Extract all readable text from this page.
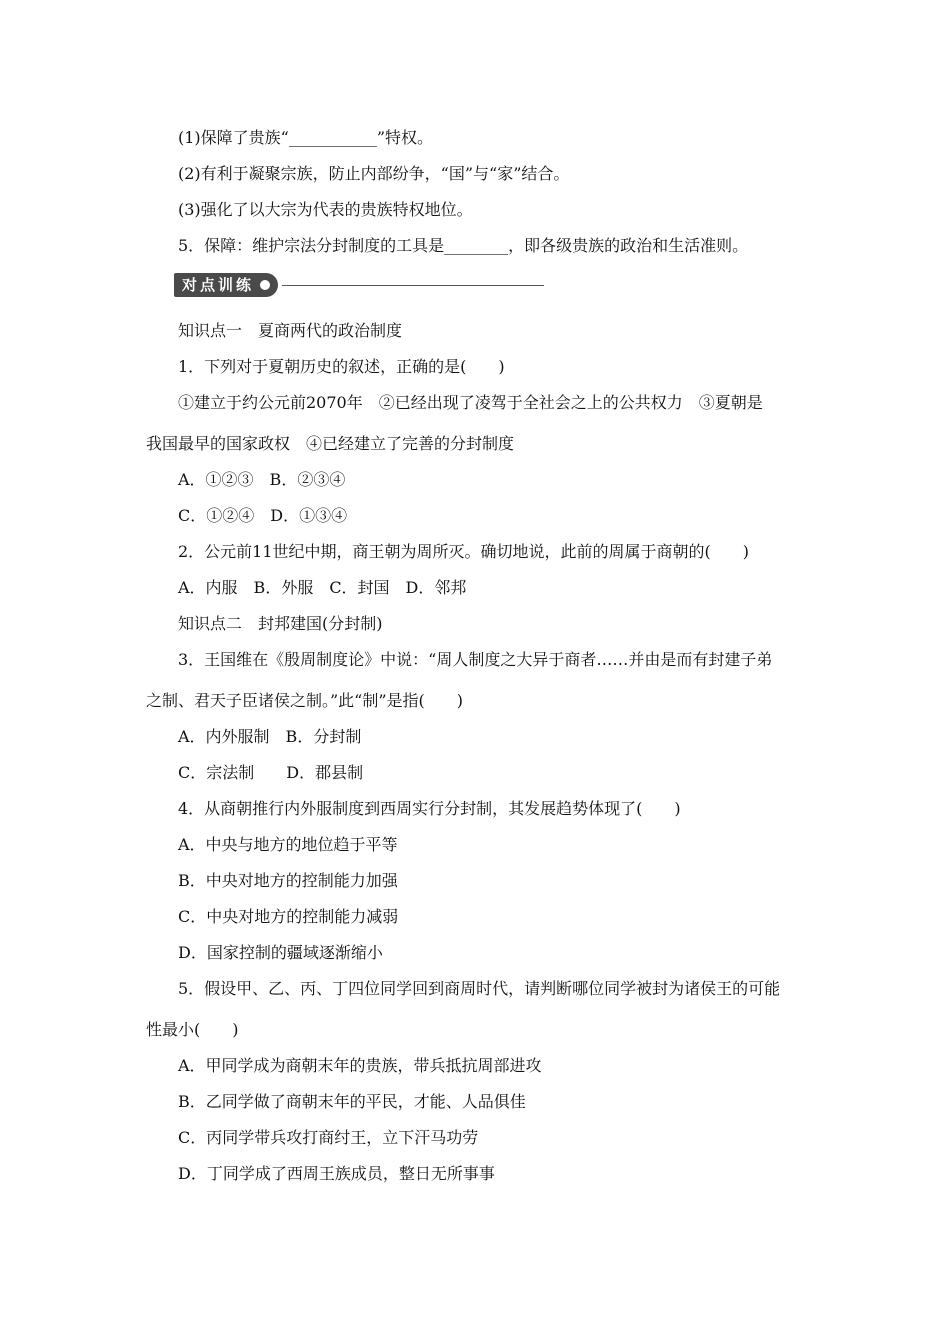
(1)保障了贵族“___________”特权。
(2)有利于凝聚宗族，防止内部纷争，“国”与“家”结合。
(3)强化了以大宗为代表的贵族特权地位。
5．保障：维护宗法分封制度的工具是________，即各级贵族的政治和生活准则。
对点训练
知识点一　夏商两代的政治制度
1．下列对于夏朝历史的叙述，正确的是(　　)
①建立于约公元前2070年　②已经出现了凌驾于全社会之上的公共权力　③夏朝是
我国最早的国家政权　④已经建立了完善的分封制度
A．①②③　B．②③④
C．①②④　D．①③④
2．公元前11世纪中期，商王朝为周所灭。确切地说，此前的周属于商朝的(　　)
A．内服　B．外服　C．封国　D．邻邦
知识点二　封邦建国(分封制)
3．王国维在《殷周制度论》中说：“周人制度之大异于商者……并由是而有封建子弟
之制、君天子臣诸侯之制。”此“制”是指(　　)
A．内外服制　B．分封制
C．宗法制　　D．郡县制
4．从商朝推行内外服制度到西周实行分封制，其发展趋势体现了(　　)
A．中央与地方的地位趋于平等
B．中央对地方的控制能力加强
C．中央对地方的控制能力减弱
D．国家控制的疆域逐渐缩小
5．假设甲、乙、丙、丁四位同学回到商周时代，请判断哪位同学被封为诸侯王的可能
性最小(　　)
A．甲同学成为商朝末年的贵族，带兵抵抗周部进攻
B．乙同学做了商朝末年的平民，才能、人品俱佳
C．丙同学带兵攻打商纣王，立下汗马功劳
D．丁同学成了西周王族成员，整日无所事事
